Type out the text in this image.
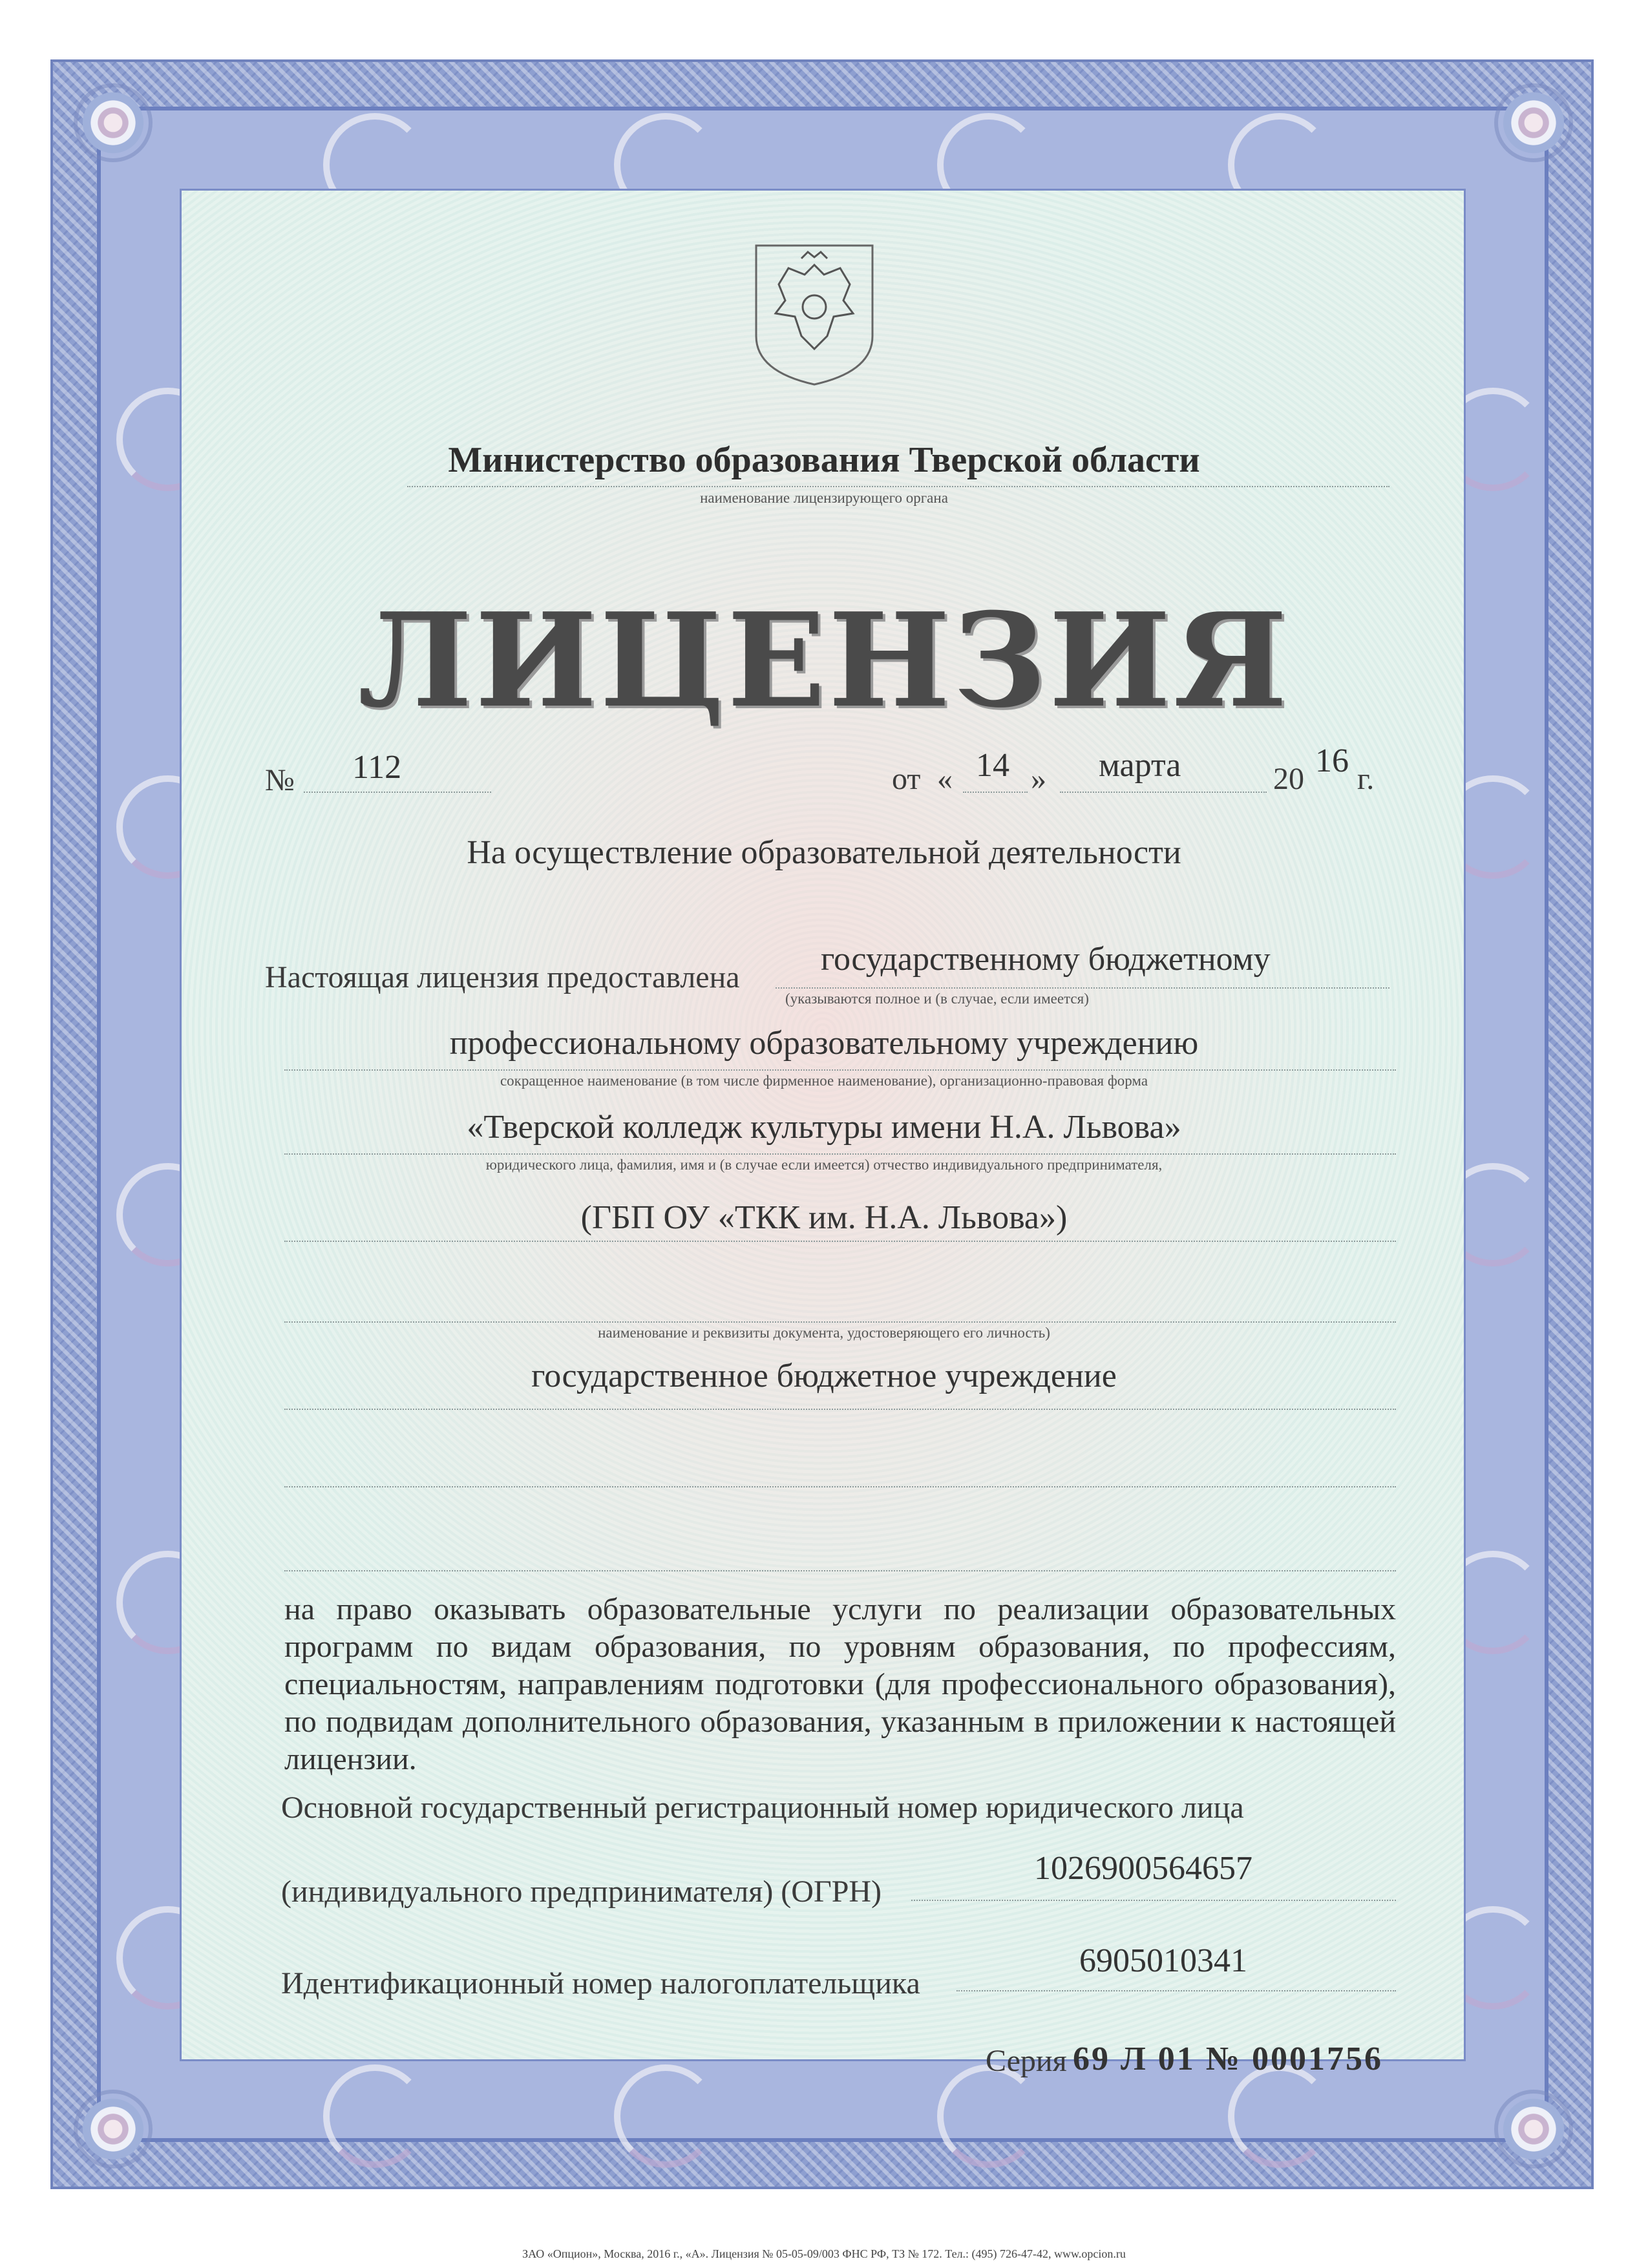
Министерство образования Тверской области
наименование лицензирующего органа
ЛИЦЕНЗИЯ
№ 112	от « 14 » марта	20 16 г.
На осуществление образовательной деятельности
Настоящая лицензия предоставлена государственному бюджетному
(указываются полное и (в случае, если имеется)
профессиональному образовательному учреждению
сокращенное наименование (в том числе фирменное наименование), организационно-правовая форма
«Тверской колледж культуры имени Н.А. Львова»
юридического лица, фамилия, имя и (в случае если имеется) отчество индивидуального предпринимателя,
(ГБП ОУ «ТКК им. Н.А. Львова»)
наименование и реквизиты документа, удостоверяющего его личность)
государственное бюджетное учреждение
на право оказывать образовательные услуги по реализации образовательных программ по видам образования, по уровням образования, по профессиям, специальностям, направлениям подготовки (для профессионального образования), по подвидам дополнительного образования, указанным в приложении к настоящей лицензии.
Основной государственный регистрационный номер юридического лица
(индивидуального предпринимателя) (ОГРН)
1026900564657
Идентификационный номер налогоплательщика
6905010341
Серия 69 Л 01 № 0001756
ЗАО «Опцион», Москва, 2016 г., «А». Лицензия № 05-05-09/003 ФНС РФ, ТЗ № 172. Тел.: (495) 726-47-42, www.opcion.ru
